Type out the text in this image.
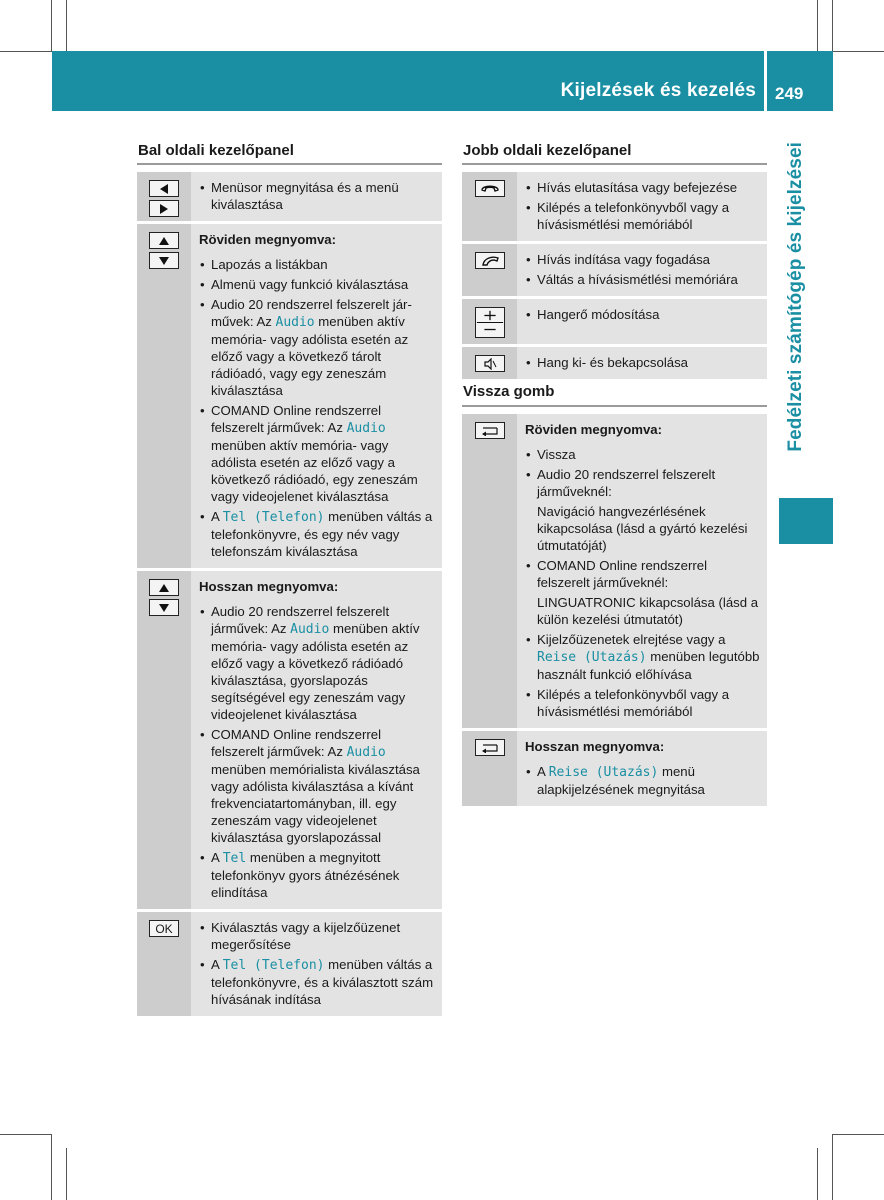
Kijelzések és kezelés 249
Fedélzeti számítógép és kijelzései
Bal oldali kezelőpanel
• Menüsor megnyitása és a menü kiválasztása
Röviden megnyomva:
• Lapozás a listákban
• Almenü vagy funkció kiválasztása
• Audio 20 rendszerrel felszerelt jár- művek: Az Audio menüben aktív memória- vagy adólista esetén az előző vagy a következő tárolt rádióadó, vagy egy zeneszám kiválasztása
• COMAND Online rendszerrel felszerelt járművek: Az Audio menüben aktív memória- vagy adólista esetén az előző vagy a következő rádióadó, egy zeneszám vagy videojelenet kiválasztása
• A Tel (Telefon) menüben váltás a telefonkönyvre, és egy név vagy telefonszám kiválasztása
Hosszan megnyomva:
• Audio 20 rendszerrel felszerelt járművek: Az Audio menüben aktív memória- vagy adólista esetén az előző vagy a következő rádióadó kiválasztása, gyorslapozás segítségével egy zeneszám vagy videojelenet kiválasztása
• COMAND Online rendszerrel felszerelt járművek: Az Audio menüben memórialista kiválasztása vagy adólista kiválasztása a kívánt frekvenciatartományban, ill. egy zeneszám vagy videojelenet kiválasztása gyorslapozással
• A Tel menüben a megnyitott telefonkönyv gyors átnézésének elindítása
OK	• Kiválasztás vagy a kijelzőüzenet megerősítése
• A Tel (Telefon) menüben váltás a telefonkönyvre, és a kiválasztott szám hívásának indítása
Jobb oldali kezelőpanel
• Hívás elutasítása vagy befejezése
• Kilépés a telefonkönyvből vagy a hívásismétlési memóriából
• Hívás indítása vagy fogadása
• Váltás a hívásismétlési memóriára
• Hangerő módosítása
• Hang ki- és bekapcsolása
Vissza gomb
Röviden megnyomva:
• Vissza
• Audio 20 rendszerrel felszerelt járműveknél:
Navigáció hangvezérlésének kikapcsolása (lásd a gyártó kezelési útmutatóját)
• COMAND Online rendszerrel felszerelt járműveknél:
LINGUATRONIC kikapcsolása (lásd a külön kezelési útmutatót)
• Kijelzőüzenetek elrejtése vagy a Reise (Utazás) menüben legutóbb használt funkció előhívása
• Kilépés a telefonkönyvből vagy a hívásismétlési memóriából
Hosszan megnyomva:
• A Reise (Utazás) menü alapkijelzésének megnyitása
